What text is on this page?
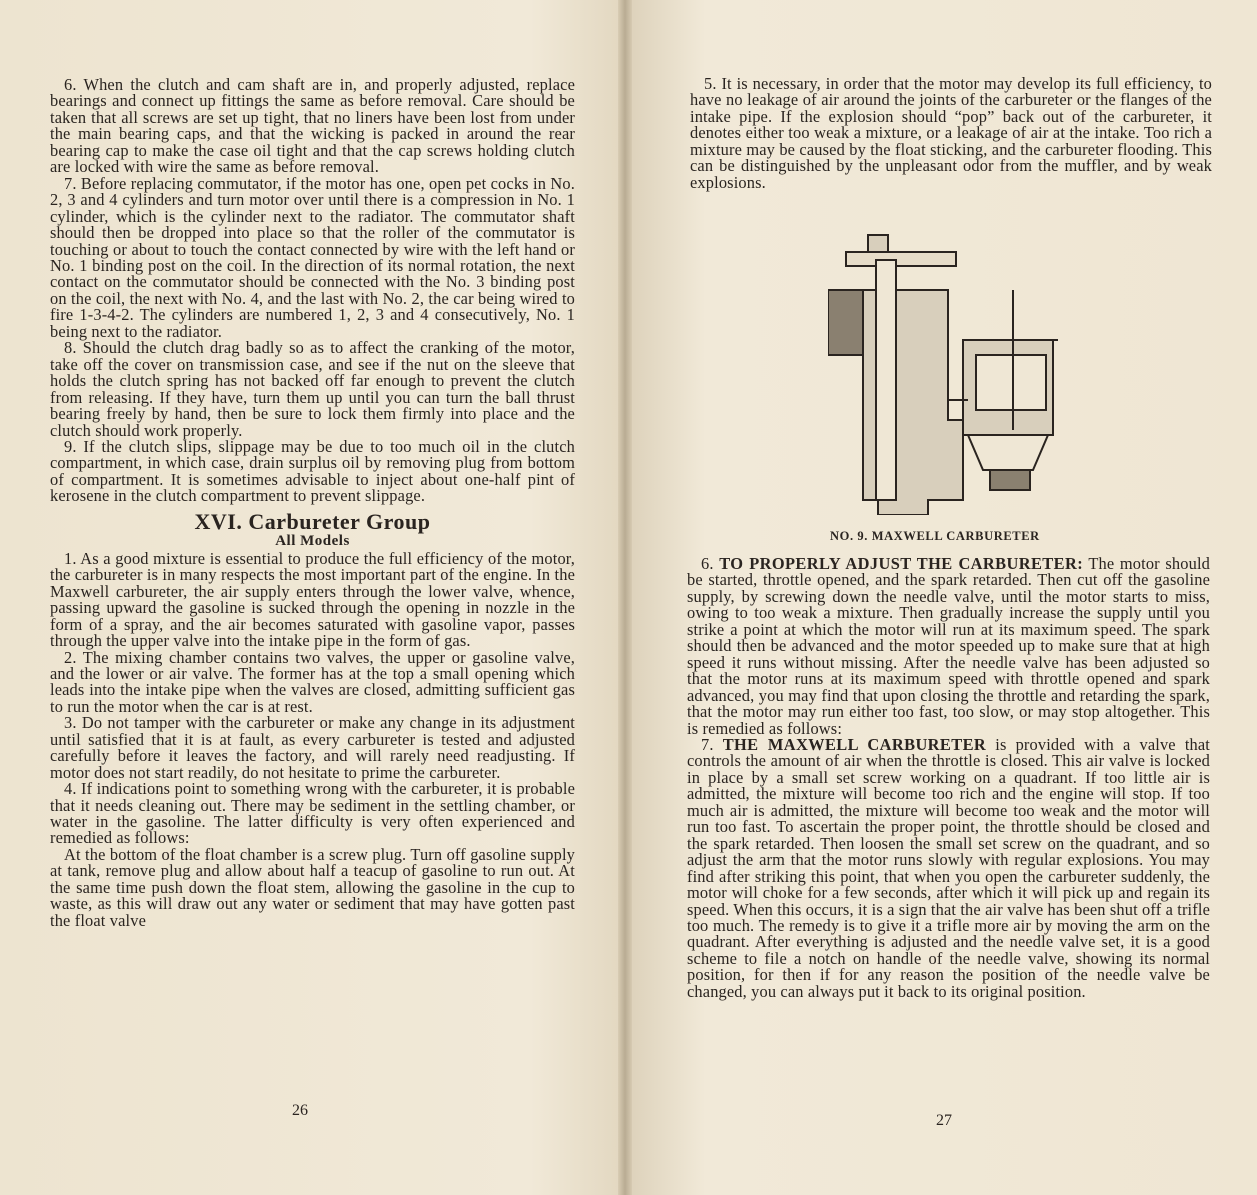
6. When the clutch and cam shaft are in, and properly adjusted, replace bearings and connect up fittings the same as before removal. Care should be taken that all screws are set up tight, that no liners have been lost from under the main bearing caps, and that the wicking is packed in around the rear bearing cap to make the case oil tight and that the cap screws holding clutch are locked with wire the same as before removal.

7. Before replacing commutator, if the motor has one, open pet cocks in No. 2, 3 and 4 cylinders and turn motor over until there is a compression in No. 1 cylinder, which is the cylinder next to the radiator. The commutator shaft should then be dropped into place so that the roller of the commutator is touching or about to touch the contact connected by wire with the left hand or No. 1 binding post on the coil. In the direction of its normal rotation, the next contact on the commutator should be connected with the No. 3 binding post on the coil, the next with No. 4, and the last with No. 2, the car being wired to fire 1-3-4-2. The cylinders are numbered 1, 2, 3 and 4 consecutively, No. 1 being next to the radiator.

8. Should the clutch drag badly so as to affect the cranking of the motor, take off the cover on transmission case, and see if the nut on the sleeve that holds the clutch spring has not backed off far enough to prevent the clutch from releasing. If they have, turn them up until you can turn the ball thrust bearing freely by hand, then be sure to lock them firmly into place and the clutch should work properly.

9. If the clutch slips, slippage may be due to too much oil in the clutch compartment, in which case, drain surplus oil by removing plug from bottom of compartment. It is sometimes advisable to inject about one-half pint of kerosene in the clutch compartment to prevent slippage.

XVI. Carbureter Group
All Models

1. As a good mixture is essential to produce the full efficiency of the motor, the carbureter is in many respects the most important part of the engine. In the Maxwell carbureter, the air supply enters through the lower valve, whence, passing upward the gasoline is sucked through the opening in nozzle in the form of a spray, and the air becomes saturated with gasoline vapor, passes through the upper valve into the intake pipe in the form of gas.

2. The mixing chamber contains two valves, the upper or gasoline valve, and the lower or air valve. The former has at the top a small opening which leads into the intake pipe when the valves are closed, admitting sufficient gas to run the motor when the car is at rest.

3. Do not tamper with the carbureter or make any change in its adjustment until satisfied that it is at fault, as every carbureter is tested and adjusted carefully before it leaves the factory, and will rarely need readjusting. If motor does not start readily, do not hesitate to prime the carbureter.

4. If indications point to something wrong with the carbureter, it is probable that it needs cleaning out. There may be sediment in the settling chamber, or water in the gasoline. The latter difficulty is very often experienced and remedied as follows:

At the bottom of the float chamber is a screw plug. Turn off gasoline supply at tank, remove plug and allow about half a teacup of gasoline to run out. At the same time push down the float stem, allowing the gasoline in the cup to waste, as this will draw out any water or sediment that may have gotten past the float valve

26

5. It is necessary, in order that the motor may develop its full efficiency, to have no leakage of air around the joints of the carbureter or the flanges of the intake pipe. If the explosion should “pop” back out of the carbureter, it denotes either too weak a mixture, or a leakage of air at the intake. Too rich a mixture may be caused by the float sticking, and the carbureter flooding. This can be distinguished by the unpleasant odor from the muffler, and by weak explosions.

NO. 9. MAXWELL CARBURETER

6. TO PROPERLY ADJUST THE CARBURETER: The motor should be started, throttle opened, and the spark retarded. Then cut off the gasoline supply, by screwing down the needle valve, until the motor starts to miss, owing to too weak a mixture. Then gradually increase the supply until you strike a point at which the motor will run at its maximum speed. The spark should then be advanced and the motor speeded up to make sure that at high speed it runs without missing. After the needle valve has been adjusted so that the motor runs at its maximum speed with throttle opened and spark advanced, you may find that upon closing the throttle and retarding the spark, that the motor may run either too fast, too slow, or may stop altogether. This is remedied as follows:

7. THE MAXWELL CARBURETER is provided with a valve that controls the amount of air when the throttle is closed. This air valve is locked in place by a small set screw working on a quadrant. If too little air is admitted, the mixture will become too rich and the engine will stop. If too much air is admitted, the mixture will become too weak and the motor will run too fast. To ascertain the proper point, the throttle should be closed and the spark retarded. Then loosen the small set screw on the quadrant, and so adjust the arm that the motor runs slowly with regular explosions. You may find after striking this point, that when you open the carbureter suddenly, the motor will choke for a few seconds, after which it will pick up and regain its speed. When this occurs, it is a sign that the air valve has been shut off a trifle too much. The remedy is to give it a trifle more air by moving the arm on the quadrant. After everything is adjusted and the needle valve set, it is a good scheme to file a notch on handle of the needle valve, showing its normal position, for then if for any reason the position of the needle valve be changed, you can always put it back to its original position.

27
